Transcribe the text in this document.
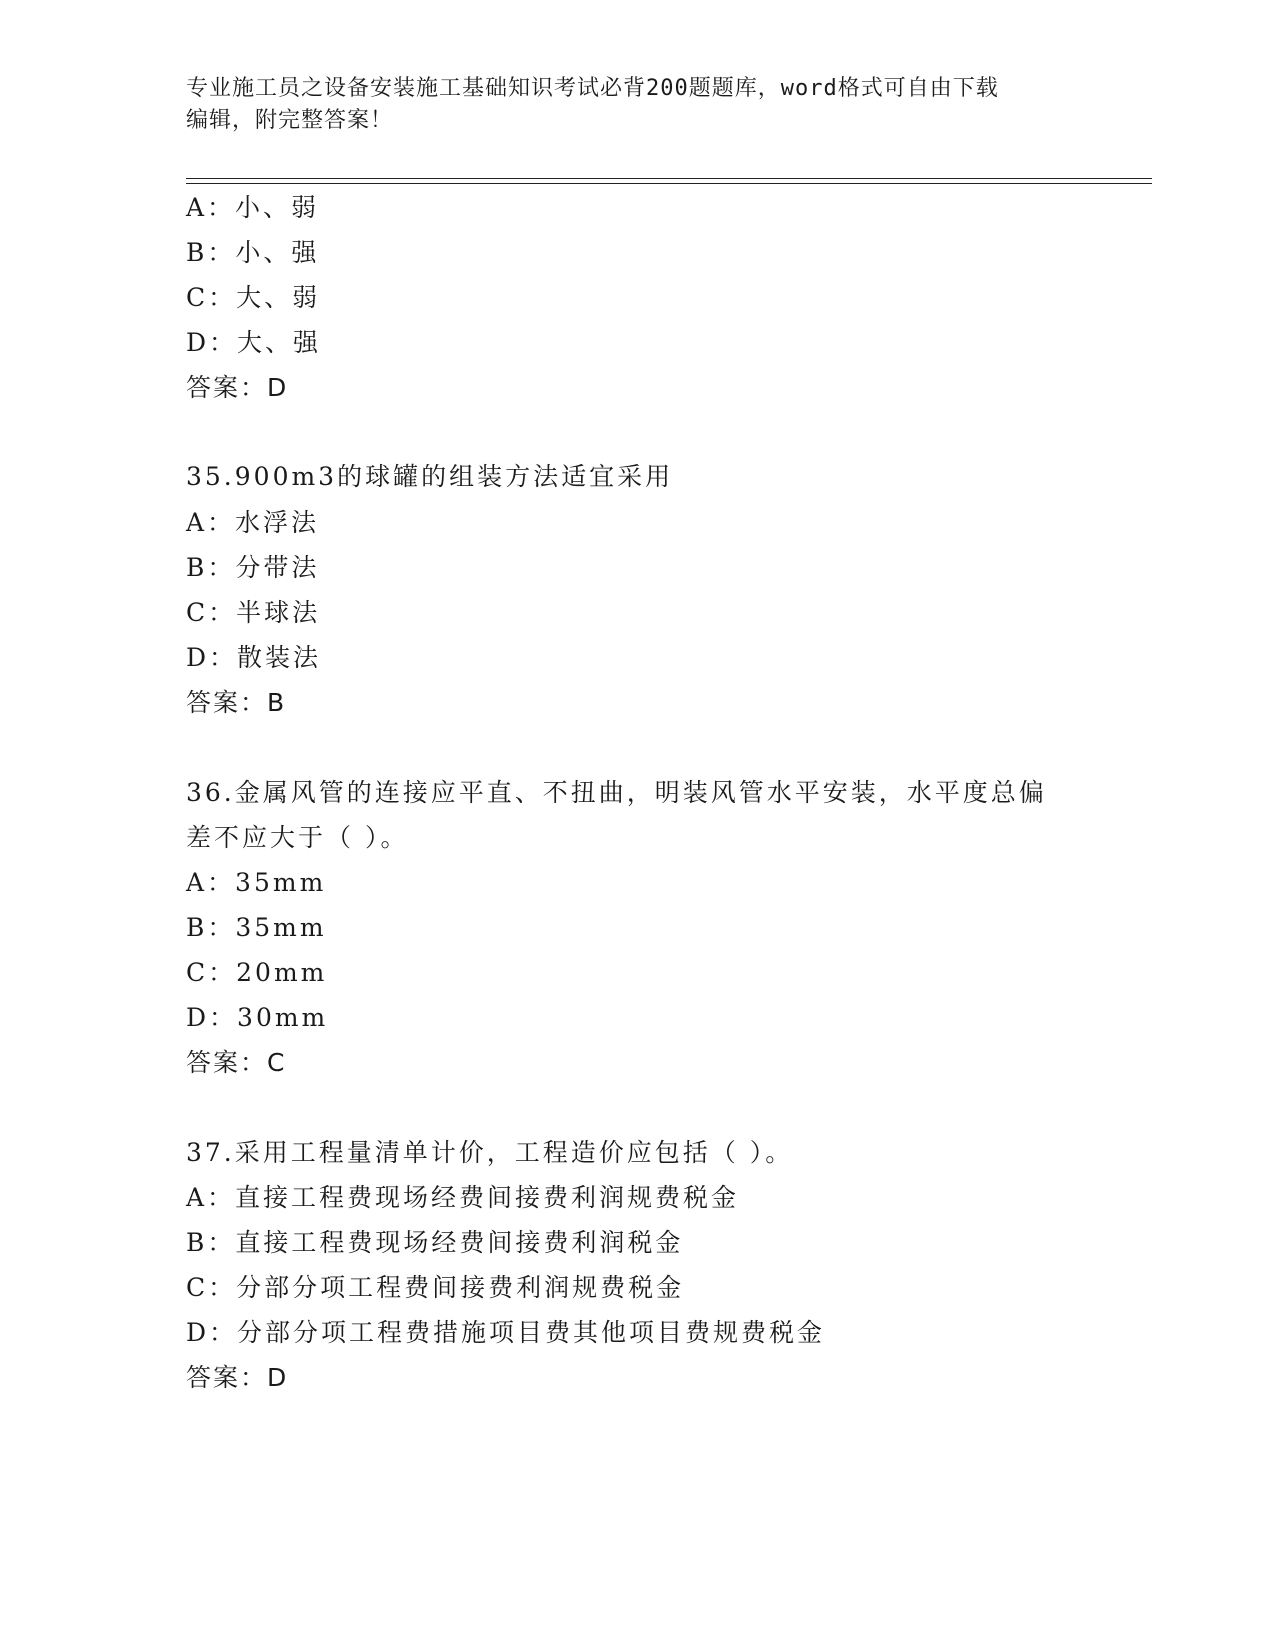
专业施工员之设备安装施工基础知识考试必背200题题库，word格式可自由下载
编辑，附完整答案！
A：小、弱
B：小、强
C：大、弱
D：大、强
答案：D
35.900m3的球罐的组装方法适宜采用
A：水浮法
B：分带法
C：半球法
D：散装法
答案：B
36.金属风管的连接应平直、不扭曲，明装风管水平安装，水平度总偏
差不应大于（ ）。
A：35mm
B：35mm
C：20mm
D：30mm
答案：C
37.采用工程量清单计价，工程造价应包括（ ）。
A：直接工程费现场经费间接费利润规费税金
B：直接工程费现场经费间接费利润税金
C：分部分项工程费间接费利润规费税金
D：分部分项工程费措施项目费其他项目费规费税金
答案：D
